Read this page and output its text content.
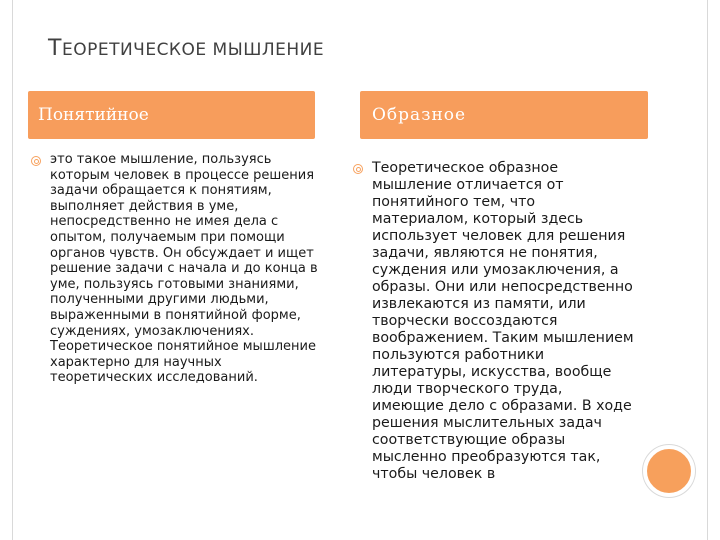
ТЕОРЕТИЧЕСКОЕ МЫШЛЕНИЕ
Понятийное	Образное

это такое мышление, пользуясь которым человек в процессе решения задачи обращается к понятиям, выполняет действия в уме, непосредственно не имея дела с опытом, получаемым при помощи органов чувств. Он обсуждает и ищет решение задачи с начала и до конца в уме, пользуясь готовыми знаниями, полученными другими людьми, выраженными в понятийной форме, суждениях, умозаключениях. Теоретическое понятийное мышление характерно для научных теоретических исследований.

Теоретическое образное мышление отличается от понятийного тем, что материалом, который здесь использует человек для решения задачи, являются не понятия, суждения или умозаключения, а образы. Они или непосредственно извлекаются из памяти, или творчески воссоздаются воображением. Таким мышлением пользуются работники литературы, искусства, вообще люди творческого труда, имеющие дело с образами. В ходе решения мыслительных задач соответствующие образы мысленно преобразуются так, чтобы человек в
